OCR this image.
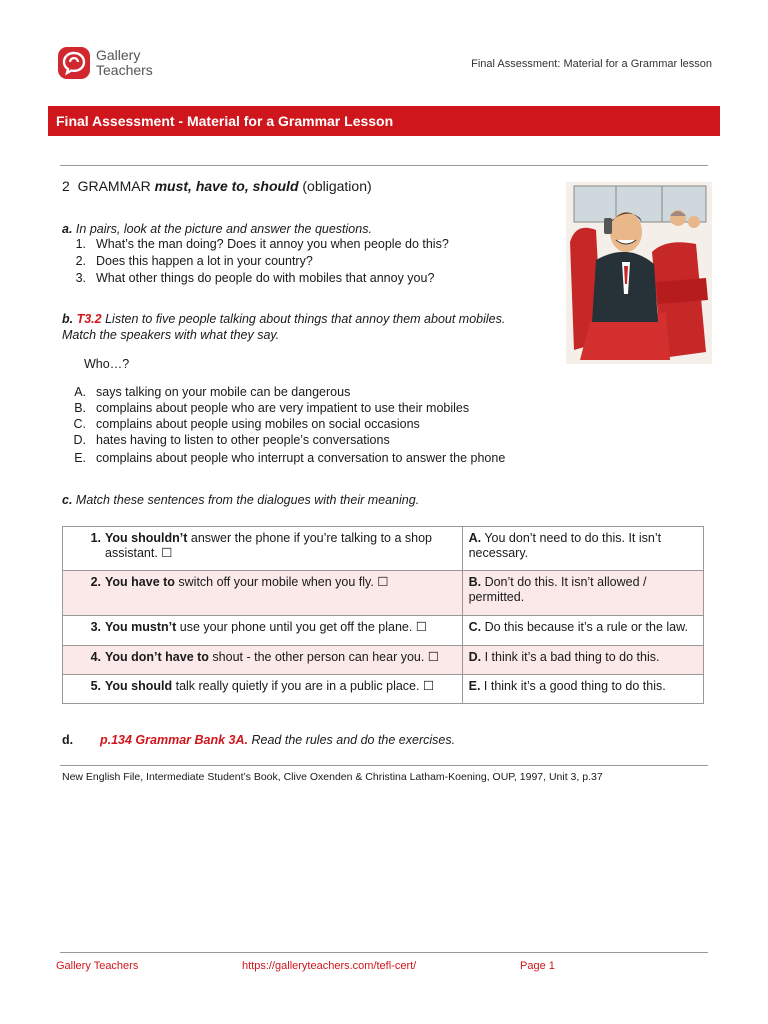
Gallery
Teachers	Final Assessment: Material for a Grammar lesson
Final Assessment - Material for a Grammar Lesson
2 GRAMMAR must, have to, should (obligation)
a. In pairs, look at the picture and answer the questions.
1. What’s the man doing? Does it annoy you when people do this?
2. Does this happen a lot in your country?
3. What other things do people do with mobiles that annoy you?
b. T3.2 Listen to five people talking about things that annoy them about mobiles.
Match the speakers with what they say.
Who…?
A. says talking on your mobile can be dangerous
B. complains about people who are very impatient to use their mobiles
C. complains about people using mobiles on social occasions
D. hates having to listen to other people’s conversations
E. complains about people who interrupt a conversation to answer the phone
c. Match these sentences from the dialogues with their meaning.
1. You shouldn’t answer the phone if you’re talking to a shop
assistant. ☐	A. You don’t need to do this. It isn’t necessary.
2. You have to switch off your mobile when you fly. ☐	B. Don’t do this. It isn’t allowed / permitted.
3. You mustn’t use your phone until you get off the plane. ☐	C. Do this because it’s a rule or the law.
4. You don’t have to shout - the other person can hear you. ☐	D. I think it’s a bad thing to do this.
5. You should talk really quietly if you are in a public place. ☐	E. I think it’s a good thing to do this.
d. p.134 Grammar Bank 3A. Read the rules and do the exercises.
New English File, Intermediate Student’s Book, Clive Oxenden & Christina Latham-Koening, OUP, 1997, Unit 3, p.37
Gallery Teachers	https://galleryteachers.com/tefl-cert/	Page 1
